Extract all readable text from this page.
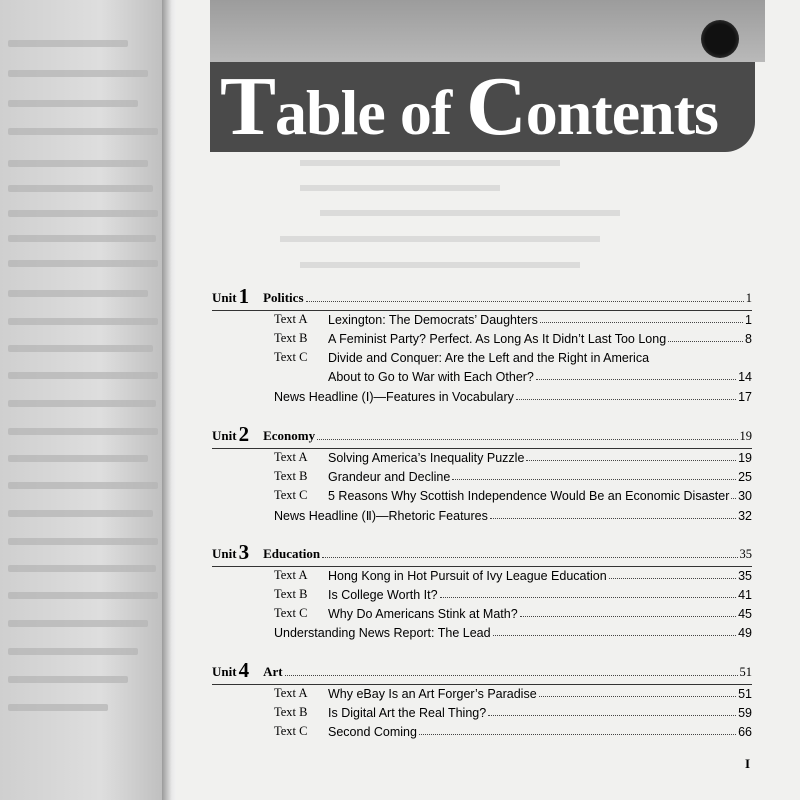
Table of Contents
Unit 1 Politics	1
Text A	Lexington: The Democrats’ Daughters	1
Text B	A Feminist Party? Perfect. As Long As It Didn’t Last Too Long	8
Text C	Divide and Conquer: Are the Left and the Right in America
About to Go to War with Each Other?	14
News Headline (Ⅰ)—Features in Vocabulary	17
Unit 2 Economy	19
Text A	Solving America’s Inequality Puzzle	19
Text B	Grandeur and Decline	25
Text C	5 Reasons Why Scottish Independence Would Be an Economic Disaster 30
News Headline (Ⅱ)—Rhetoric Features	32
Unit 3 Education	35
Text A	Hong Kong in Hot Pursuit of Ivy League Education	35
Text B	Is College Worth It?	41
Text C	Why Do Americans Stink at Math?	45
Understanding News Report: The Lead	49
Unit 4 Art	51
Text A	Why eBay Is an Art Forger’s Paradise	51
Text B	Is Digital Art the Real Thing?	59
Text C	Second Coming	66
I
